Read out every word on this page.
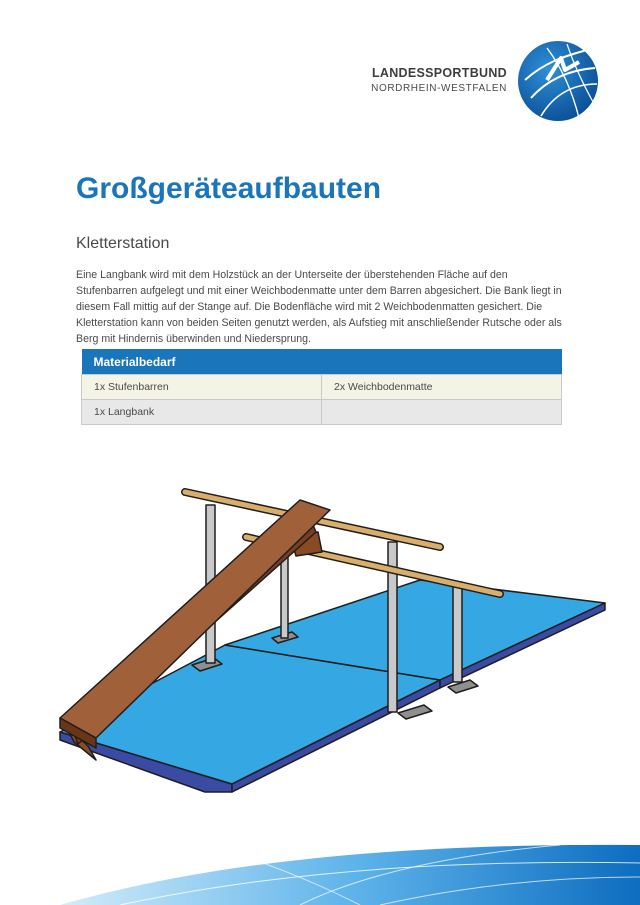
LANDESSPORTBUND
NORDRHEIN-WESTFALEN
Großgeräteaufbauten
Kletterstation

Eine Langbank wird mit dem Holzstück an der Unterseite der überstehenden Fläche auf den Stufenbarren aufgelegt und mit einer Weichbodenmatte unter dem Barren abgesichert. Die Bank liegt in diesem Fall mittig auf der Stange auf. Die Bodenfläche wird mit 2 Weichbodenmatten gesichert. Die Kletterstation kann von beiden Seiten genutzt werden, als Aufstieg mit anschließender Rutsche oder als Berg mit Hindernis überwinden und Niedersprung.

Materialbedarf	
1x Stufenbarren	2x Weichbodenmatte
1x Langbank	
